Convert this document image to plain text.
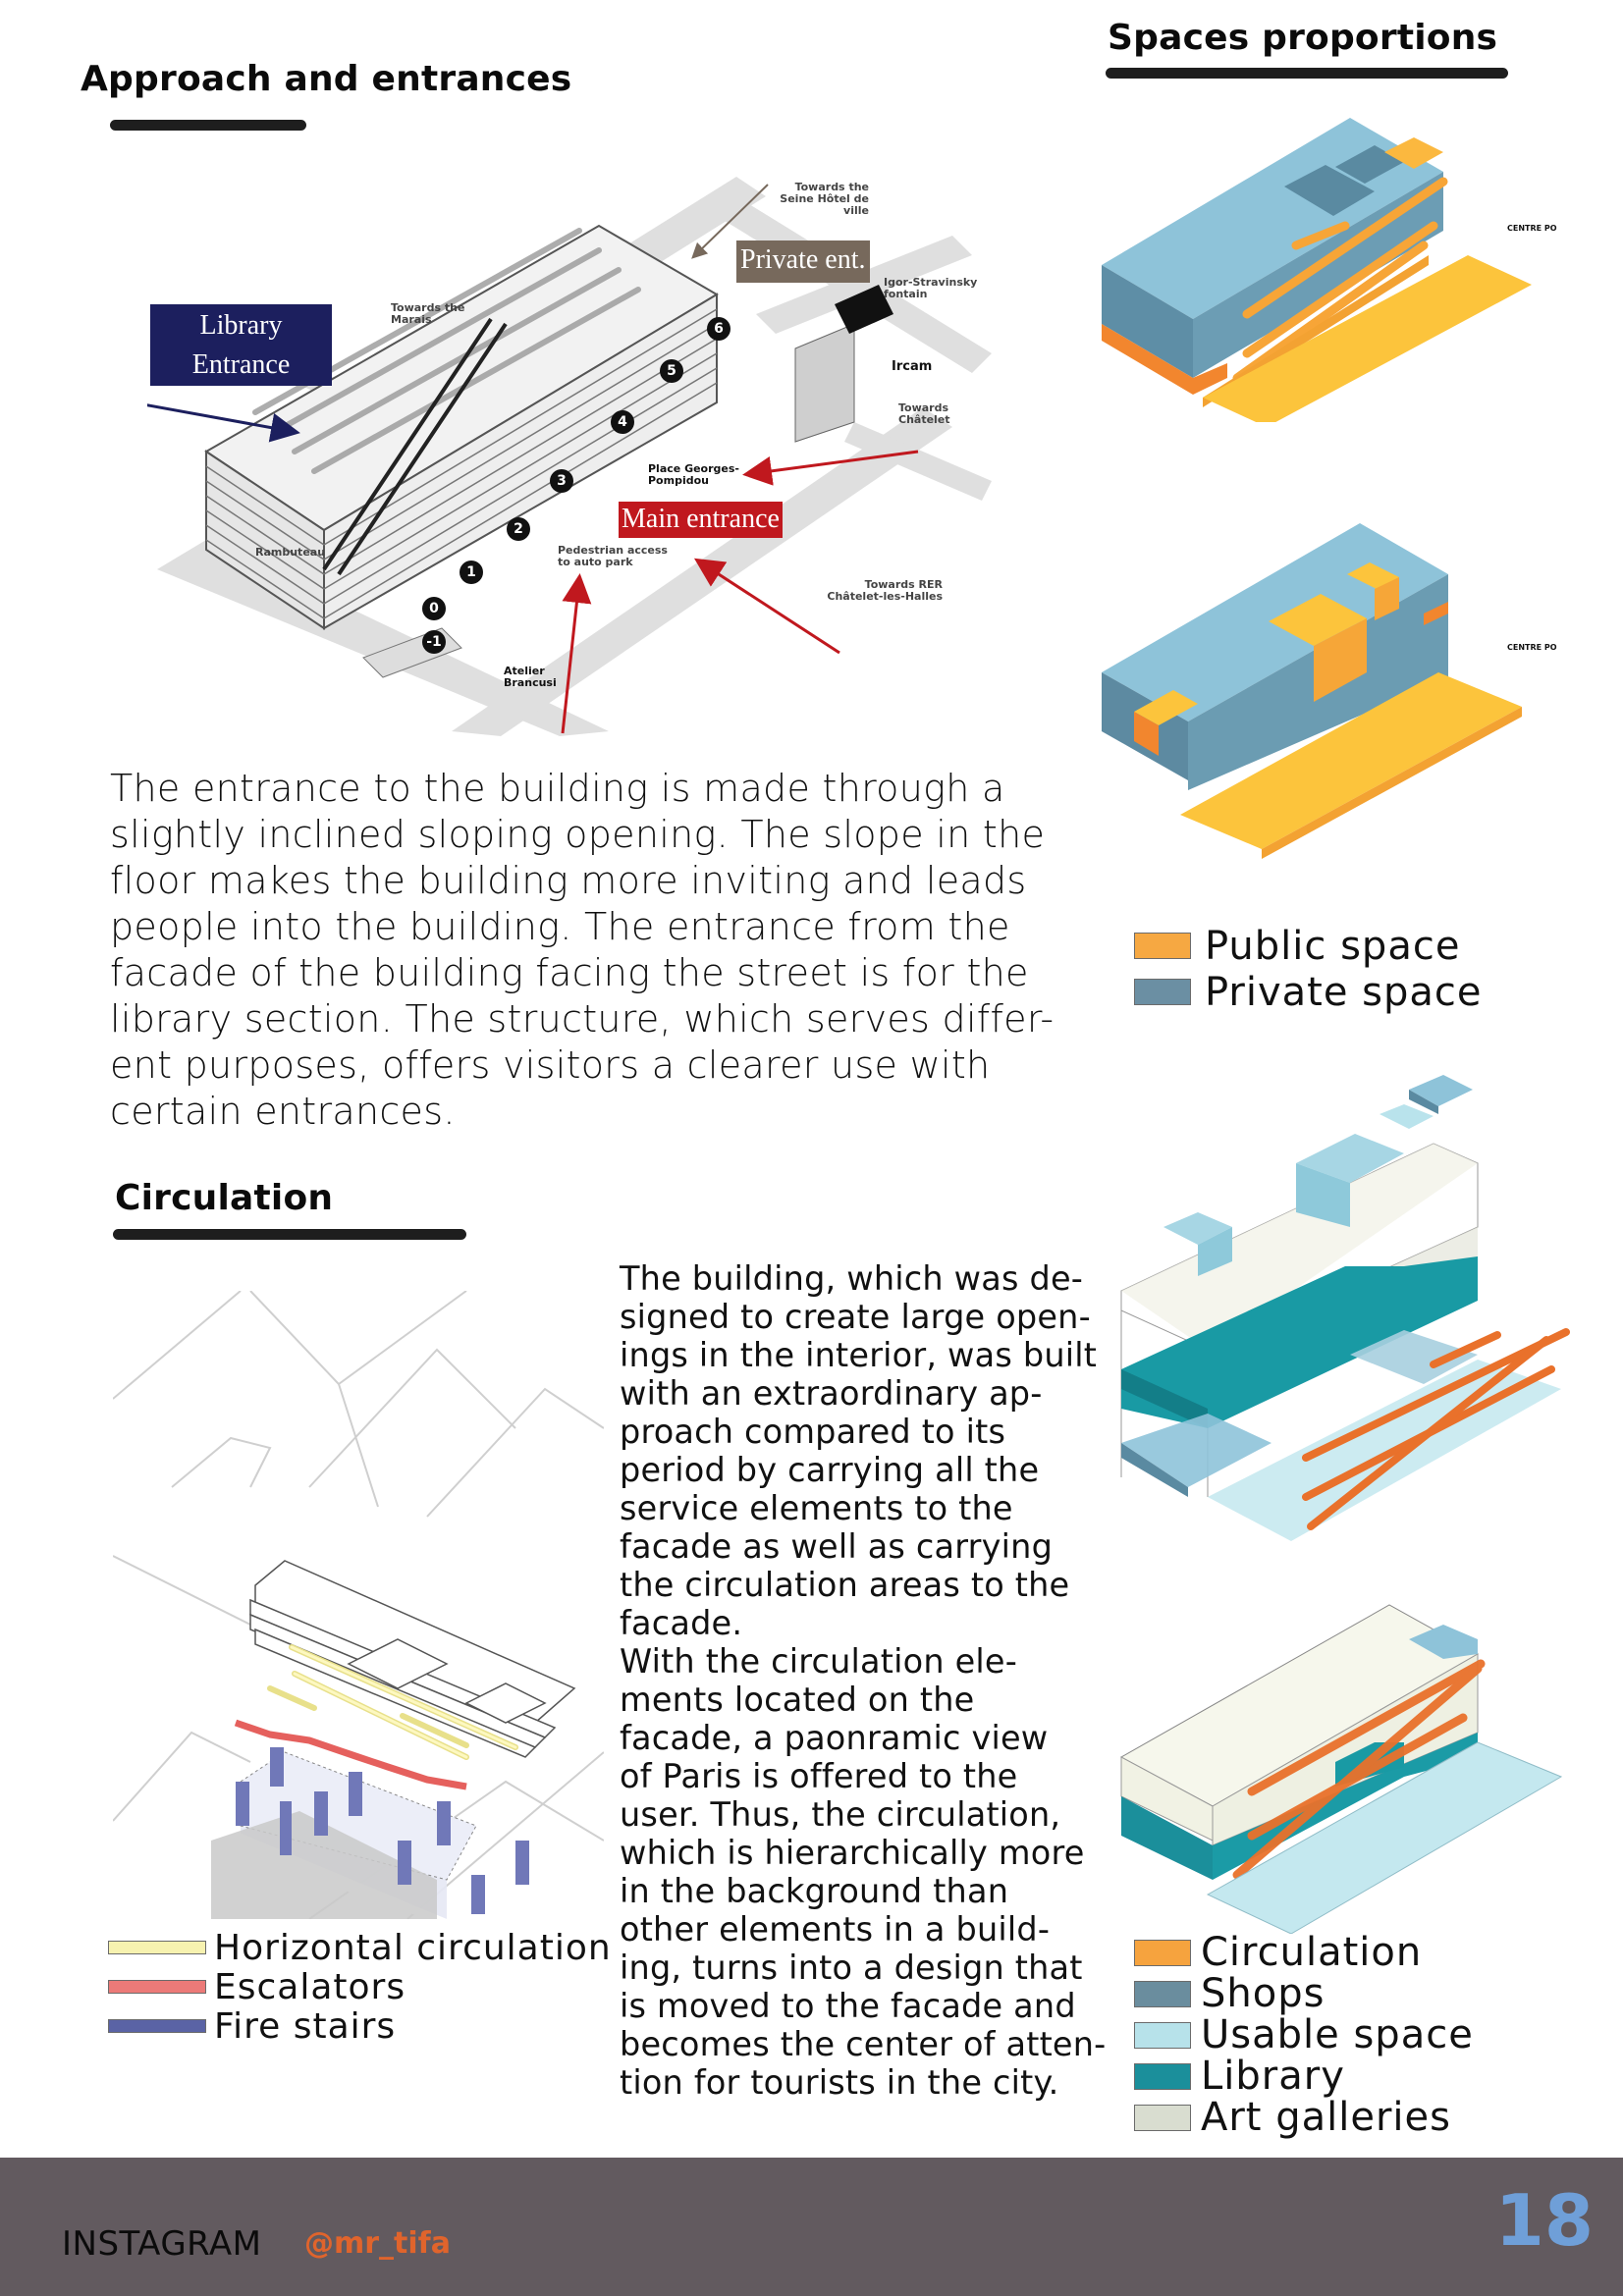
Approach and entrances
-1
0
1
2
3
4
5
6
Towards the Seine Hôtel de ville
Towards the Marais
Igor-Stravinsky fontain
Ircam
Towards Châtelet
Place Georges-Pompidou
Pedestrian access to auto park
Towards RER Châtelet-les-Halles
Rambuteau
Atelier Brancusi
Library
Entrance
Private ent.
Main entrance
The entrance to the building is made through a
slightly inclined sloping opening. The slope in the
floor makes the building more inviting and leads
people into the building. The entrance from the
facade of the building facing the street is for the
library section. The structure, which serves differ-
ent purposes, offers visitors a clearer use with
certain entrances.
Spaces proportions
CENTRE PO
CENTRE PO
Public space
Private space
Circulation
Shops
Usable space
Library
Art galleries
Circulation
Horizontal circulation
Escalators
Fire stairs
The building, which was de-
signed to create large open-
ings in the interior, was built
with an extraordinary ap-
proach compared to its
period by carrying all the
service elements to the
facade as well as carrying
the circulation areas to the
facade.
With the circulation ele-
ments located on the
facade, a paonramic view
of Paris is offered to the
user. Thus, the circulation,
which is hierarchically more
in the background than
other elements in a build-
ing, turns into a design that
is moved to the facade and
becomes the center of atten-
tion for tourists in the city.
INSTAGRAM @mr_tifa	18
